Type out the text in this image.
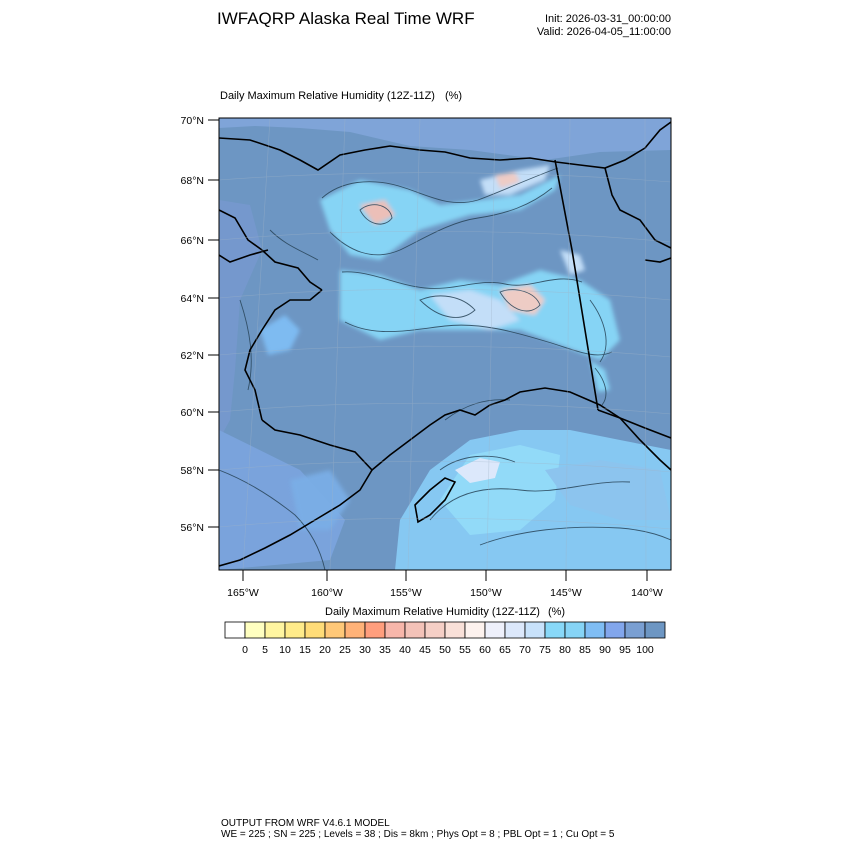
IWFAQRP Alaska Real Time WRF	Init: 2026-03-31_00:00:00
Valid: 2026-04-05_11:00:00
Daily Maximum Relative Humidity (12Z-11Z) (%)
70°N
68°N
66°N
64°N
62°N
60°N
58°N
56°N
165°W	160°W	155°W	150°W	145°W	140°W
0 5 10 15 20 25 30 35 40 45 50 55 60 65 70 75 80 85 90 95 100
Daily Maximum Relative Humidity (12Z-11Z) (%)
OUTPUT FROM WRF V4.6.1 MODEL
WE = 225 ; SN = 225 ; Levels = 38 ; Dis = 8km ; Phys Opt = 8 ; PBL Opt = 1 ; Cu Opt = 5
